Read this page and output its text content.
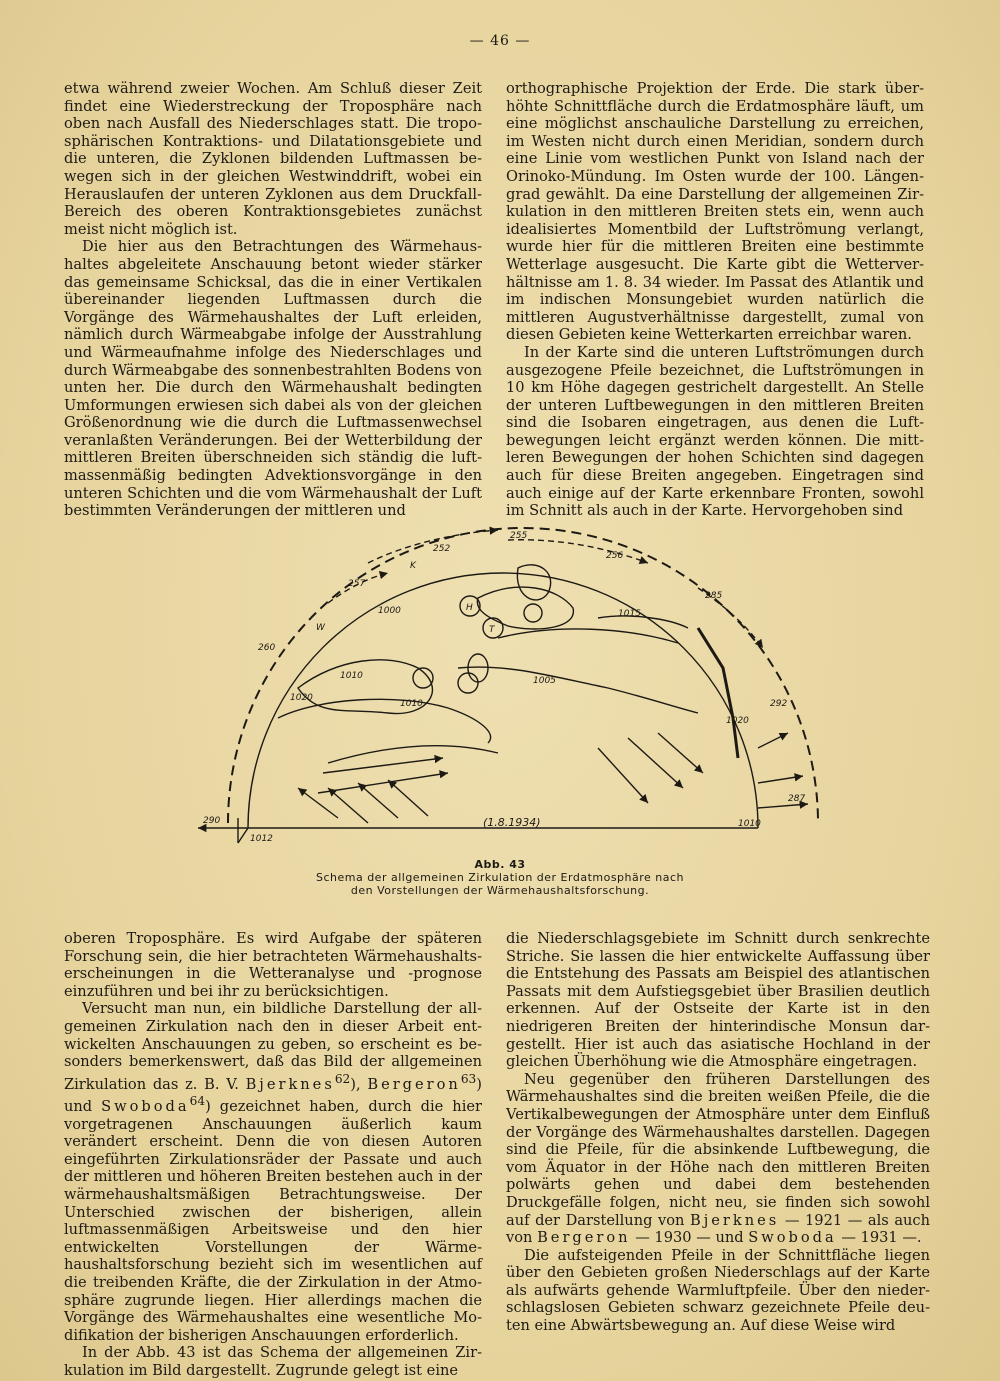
— 46 —

etwa während zweier Wochen. Am Schluß dieser Zeit findet eine Wiederstreckung der Troposphäre nach oben nach Ausfall des Niederschlages statt. Die troposphärischen Kontraktions- und Dilatationsgebiete und die unteren, die Zyklonen bildenden Luftmassen bewegen sich in der gleichen Westwinddrift, wobei ein Herauslaufen der unteren Zyklonen aus dem Druckfall-Bereich des oberen Kontraktionsgebietes zunächst meist nicht möglich ist.

Die hier aus den Betrachtungen des Wärmehaushaltes abgeleitete Anschauung betont wieder stärker das gemeinsame Schicksal, das die in einer Vertikalen übereinander liegenden Luftmassen durch die Vorgänge des Wärmehaushaltes der Luft erleiden, nämlich durch Wärmeabgabe infolge der Ausstrahlung und Wärmeaufnahme infolge des Niederschlages und durch Wärmeabgabe des sonnenbestrahlten Bodens von unten her. Die durch den Wärmehaushalt bedingten Umformungen erwiesen sich dabei als von der gleichen Größenordnung wie die durch die Luftmassenwechsel veranlaßten Veränderungen. Bei der Wetterbildung der mittleren Breiten überschneiden sich ständig die luftmassenmäßig bedingten Advektionsvorgänge in den unteren Schichten und die vom Wärmehaushalt der Luft bestimmten Veränderungen der mittleren und

orthographische Projektion der Erde. Die stark überhöhte Schnittfläche durch die Erdatmosphäre läuft, um eine möglichst anschauliche Darstellung zu erreichen, im Westen nicht durch einen Meridian, sondern durch eine Linie vom westlichen Punkt von Island nach der Orinoko-Mündung. Im Osten wurde der 100. Längengrad gewählt. Da eine Darstellung der allgemeinen Zirkulation in den mittleren Breiten stets ein, wenn auch idealisiertes Momentbild der Luftströmung verlangt, wurde hier für die mittleren Breiten eine bestimmte Wetterlage ausgesucht. Die Karte gibt die Wetterverhältnisse am 1. 8. 34 wieder. Im Passat des Atlantik und im indischen Monsungebiet wurden natürlich die mittleren Augustverhältnisse dargestellt, zumal von diesen Gebieten keine Wetterkarten erreichbar waren.

In der Karte sind die unteren Luftströmungen durch ausgezogene Pfeile bezeichnet, die Luftströmungen in 10 km Höhe dagegen gestrichelt dargestellt. An Stelle der unteren Luftbewegungen in den mittleren Breiten sind die Isobaren eingetragen, aus denen die Luftbewegungen leicht ergänzt werden können. Die mittleren Bewegungen der hohen Schichten sind dagegen auch für diese Breiten angegeben. Eingetragen sind auch einige auf der Karte erkennbare Fronten, sowohl im Schnitt als auch in der Karte. Hervorgehoben sind

290
1012
(1.8.1934)
1020
1010
1000	1015
1005
1010
1020
1010
287
292
255
252
285
260
257
256
H
T
W
K
Abb. 43
Schema der allgemeinen Zirkulation der Erdatmosphäre nach
den Vorstellungen der Wärmehaushaltsforschung.

oberen Troposphäre. Es wird Aufgabe der späteren Forschung sein, die hier betrachteten Wärmehaushaltserscheinungen in die Wetteranalyse und -prognose einzuführen und bei ihr zu berücksichtigen.

Versucht man nun, ein bildliche Darstellung der allgemeinen Zirkulation nach den in dieser Arbeit entwickelten Anschauungen zu geben, so erscheint es besonders bemerkenswert, daß das Bild der allgemeinen Zirkulation das z. B. V. Bjerknes$^{62}$), Bergeron$^{63}$) und Swoboda$^{64}$) gezeichnet haben, durch die hier vorgetragenen Anschauungen äußerlich kaum verändert erscheint. Denn die von diesen Autoren eingeführten Zirkulationsräder der Passate und auch der mittleren und höheren Breiten bestehen auch in der wärmehaushaltsmäßigen Betrachtungsweise. Der Unterschied zwischen der bisherigen, allein luftmassenmäßigen Arbeitsweise und den hier entwickelten Vorstellungen der Wärmehaushaltsforschung bezieht sich im wesentlichen auf die treibenden Kräfte, die der Zirkulation in der Atmosphäre zugrunde liegen. Hier allerdings machen die Vorgänge des Wärmehaushaltes eine wesentliche Modifikation der bisherigen Anschauungen erforderlich.

In der Abb. 43 ist das Schema der allgemeinen Zirkulation im Bild dargestellt. Zugrunde gelegt ist eine

die Niederschlagsgebiete im Schnitt durch senkrechte Striche. Sie lassen die hier entwickelte Auffassung über die Entstehung des Passats am Beispiel des atlantischen Passats mit dem Aufstiegsgebiet über Brasilien deutlich erkennen. Auf der Ostseite der Karte ist in den niedrigeren Breiten der hinterindische Monsun dargestellt. Hier ist auch das asiatische Hochland in der gleichen Überhöhung wie die Atmosphäre eingetragen.

Neu gegenüber den früheren Darstellungen des Wärmehaushaltes sind die breiten weißen Pfeile, die die Vertikalbewegungen der Atmosphäre unter dem Einfluß der Vorgänge des Wärmehaushaltes darstellen. Dagegen sind die Pfeile, für die absinkende Luftbewegung, die vom Äquator in der Höhe nach den mittleren Breiten polwärts gehen und dabei dem bestehenden Druckgefälle folgen, nicht neu, sie finden sich sowohl auf der Darstellung von Bjerknes — 1921 — als auch von Bergeron — 1930 — und Swoboda — 1931 —.

Die aufsteigenden Pfeile in der Schnittfläche liegen über den Gebieten großen Niederschlags auf der Karte als aufwärts gehende Warmluftpfeile. Über den niederschlagslosen Gebieten schwarz gezeichnete Pfeile deuten eine Abwärtsbewegung an. Auf diese Weise wird
